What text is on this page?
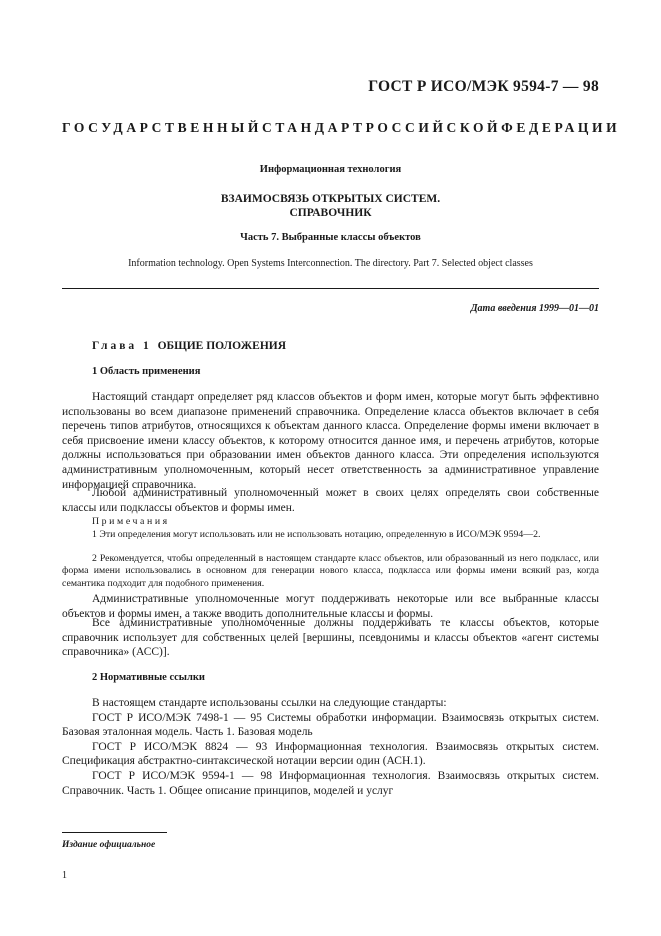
ГОСТ Р ИСО/МЭК 9594-7 — 98
ГОСУДАРСТВЕННЫЙ СТАНДАРТ РОССИЙСКОЙ ФЕДЕРАЦИИ
Информационная технология
ВЗАИМОСВЯЗЬ ОТКРЫТЫХ СИСТЕМ.
СПРАВОЧНИК
Часть 7. Выбранные классы объектов
Information technology. Open Systems Interconnection. The directory. Part 7. Selected object classes
Дата введения 1999—01—01
Глава 1 ОБЩИЕ ПОЛОЖЕНИЯ
1 Область применения
Настоящий стандарт определяет ряд классов объектов и форм имен, которые могут быть эффективно использованы во всем диапазоне применений справочника. Определение класса объектов включает в себя перечень типов атрибутов, относящихся к объектам данного класса. Определение формы имени включает в себя присвоение имени классу объектов, к которому относится данное имя, и перечень атрибутов, которые должны использоваться при образовании имен объектов данного класса. Эти определения используются административным уполномоченным, который несет ответственность за административное управление информацией справочника.
Любой административный уполномоченный может в своих целях определять свои собственные классы или подклассы объектов и формы имен.
Примечания
1 Эти определения могут использовать или не использовать нотацию, определенную в ИСО/МЭК 9594—2.
2 Рекомендуется, чтобы определенный в настоящем стандарте класс объектов, или образованный из него подкласс, или форма имени использовались в основном для генерации нового класса, подкласса или формы имени всякий раз, когда семантика подходит для подобного применения.
Административные уполномоченные могут поддерживать некоторые или все выбранные классы объектов и формы имен, а также вводить дополнительные классы и формы.
Все административные уполномоченные должны поддерживать те классы объектов, которые справочник использует для собственных целей [вершины, псевдонимы и классы объектов «агент системы справочника» (АСС)].
2 Нормативные ссылки

В настоящем стандарте использованы ссылки на следующие стандарты:

ГОСТ Р ИСО/МЭК 7498-1 — 95 Системы обработки информации. Взаимосвязь открытых систем. Базовая эталонная модель. Часть 1. Базовая модель

ГОСТ Р ИСО/МЭК 8824 — 93 Информационная технология. Взаимосвязь открытых систем. Спецификация абстрактно-синтаксической нотации версии один (АСН.1).

ГОСТ Р ИСО/МЭК 9594-1 — 98 Информационная технология. Взаимосвязь открытых систем. Справочник. Часть 1. Общее описание принципов, моделей и услуг

Издание официальное
1
